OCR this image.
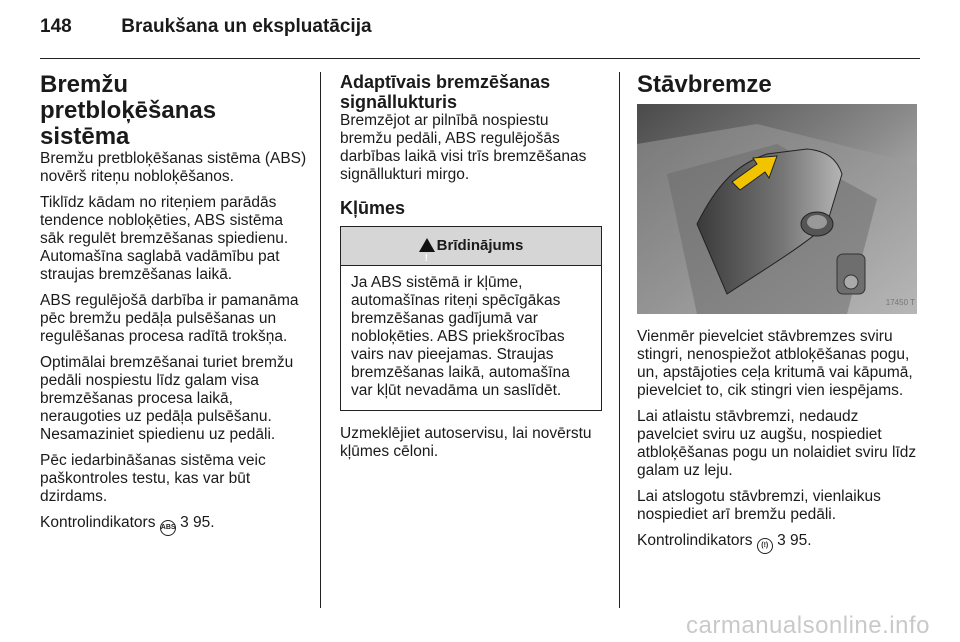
148	Braukšana un ekspluatācija
Bremžu pretbloķēšanas sistēma

Bremžu pretbloķēšanas sistēma (ABS) novērš riteņu nobloķēšanos.

Tiklīdz kādam no riteņiem parādās tendence nobloķēties, ABS sistēma sāk regulēt bremzēšanas spiedienu. Automašīna saglabā vadāmību pat straujas bremzēšanas laikā.

ABS regulējošā darbība ir pamanāma pēc bremžu pedāļa pulsēšanas un regulēšanas procesa radītā trokšņa.

Optimālai bremzēšanai turiet bremžu pedāli nospiestu līdz galam visa bremzēšanas procesa laikā, neraugoties uz pedāļa pulsēšanu. Nesamaziniet spiedienu uz pedāli.

Pēc iedarbināšanas sistēma veic paškontroles testu, kas var būt dzirdams.

Kontrolindikators ABS 3 95.

Adaptīvais bremzēšanas signāllukturis

Bremzējot ar pilnībā nospiestu bremžu pedāli, ABS regulējošās darbības laikā visi trīs bremzēšanas signāllukturi mirgo.

Kļūmes
!Brīdinājums
Ja ABS sistēmā ir kļūme, automašīnas riteņi spēcīgākas bremzēšanas gadījumā var nobloķēties. ABS priekšrocības vairs nav pieejamas. Straujas bremzēšanas laikā, automašīna var kļūt nevadāma un saslīdēt.

Uzmeklējiet autoservisu, lai novērstu kļūmes cēloni.

Stāvbremze
17450 T

Vienmēr pievelciet stāvbremzes sviru stingri, nenospiežot atbloķēšanas pogu, un, apstājoties ceļa kritumā vai kāpumā, pievelciet to, cik stingri vien iespējams.

Lai atlaistu stāvbremzi, nedaudz pavelciet sviru uz augšu, nospiediet atbloķēšanas pogu un nolaidiet sviru līdz galam uz leju.

Lai atslogotu stāvbremzi, vienlaikus nospiediet arī bremžu pedāli.

Kontrolindikators (!) 3 95.

carmanualsonline.info
